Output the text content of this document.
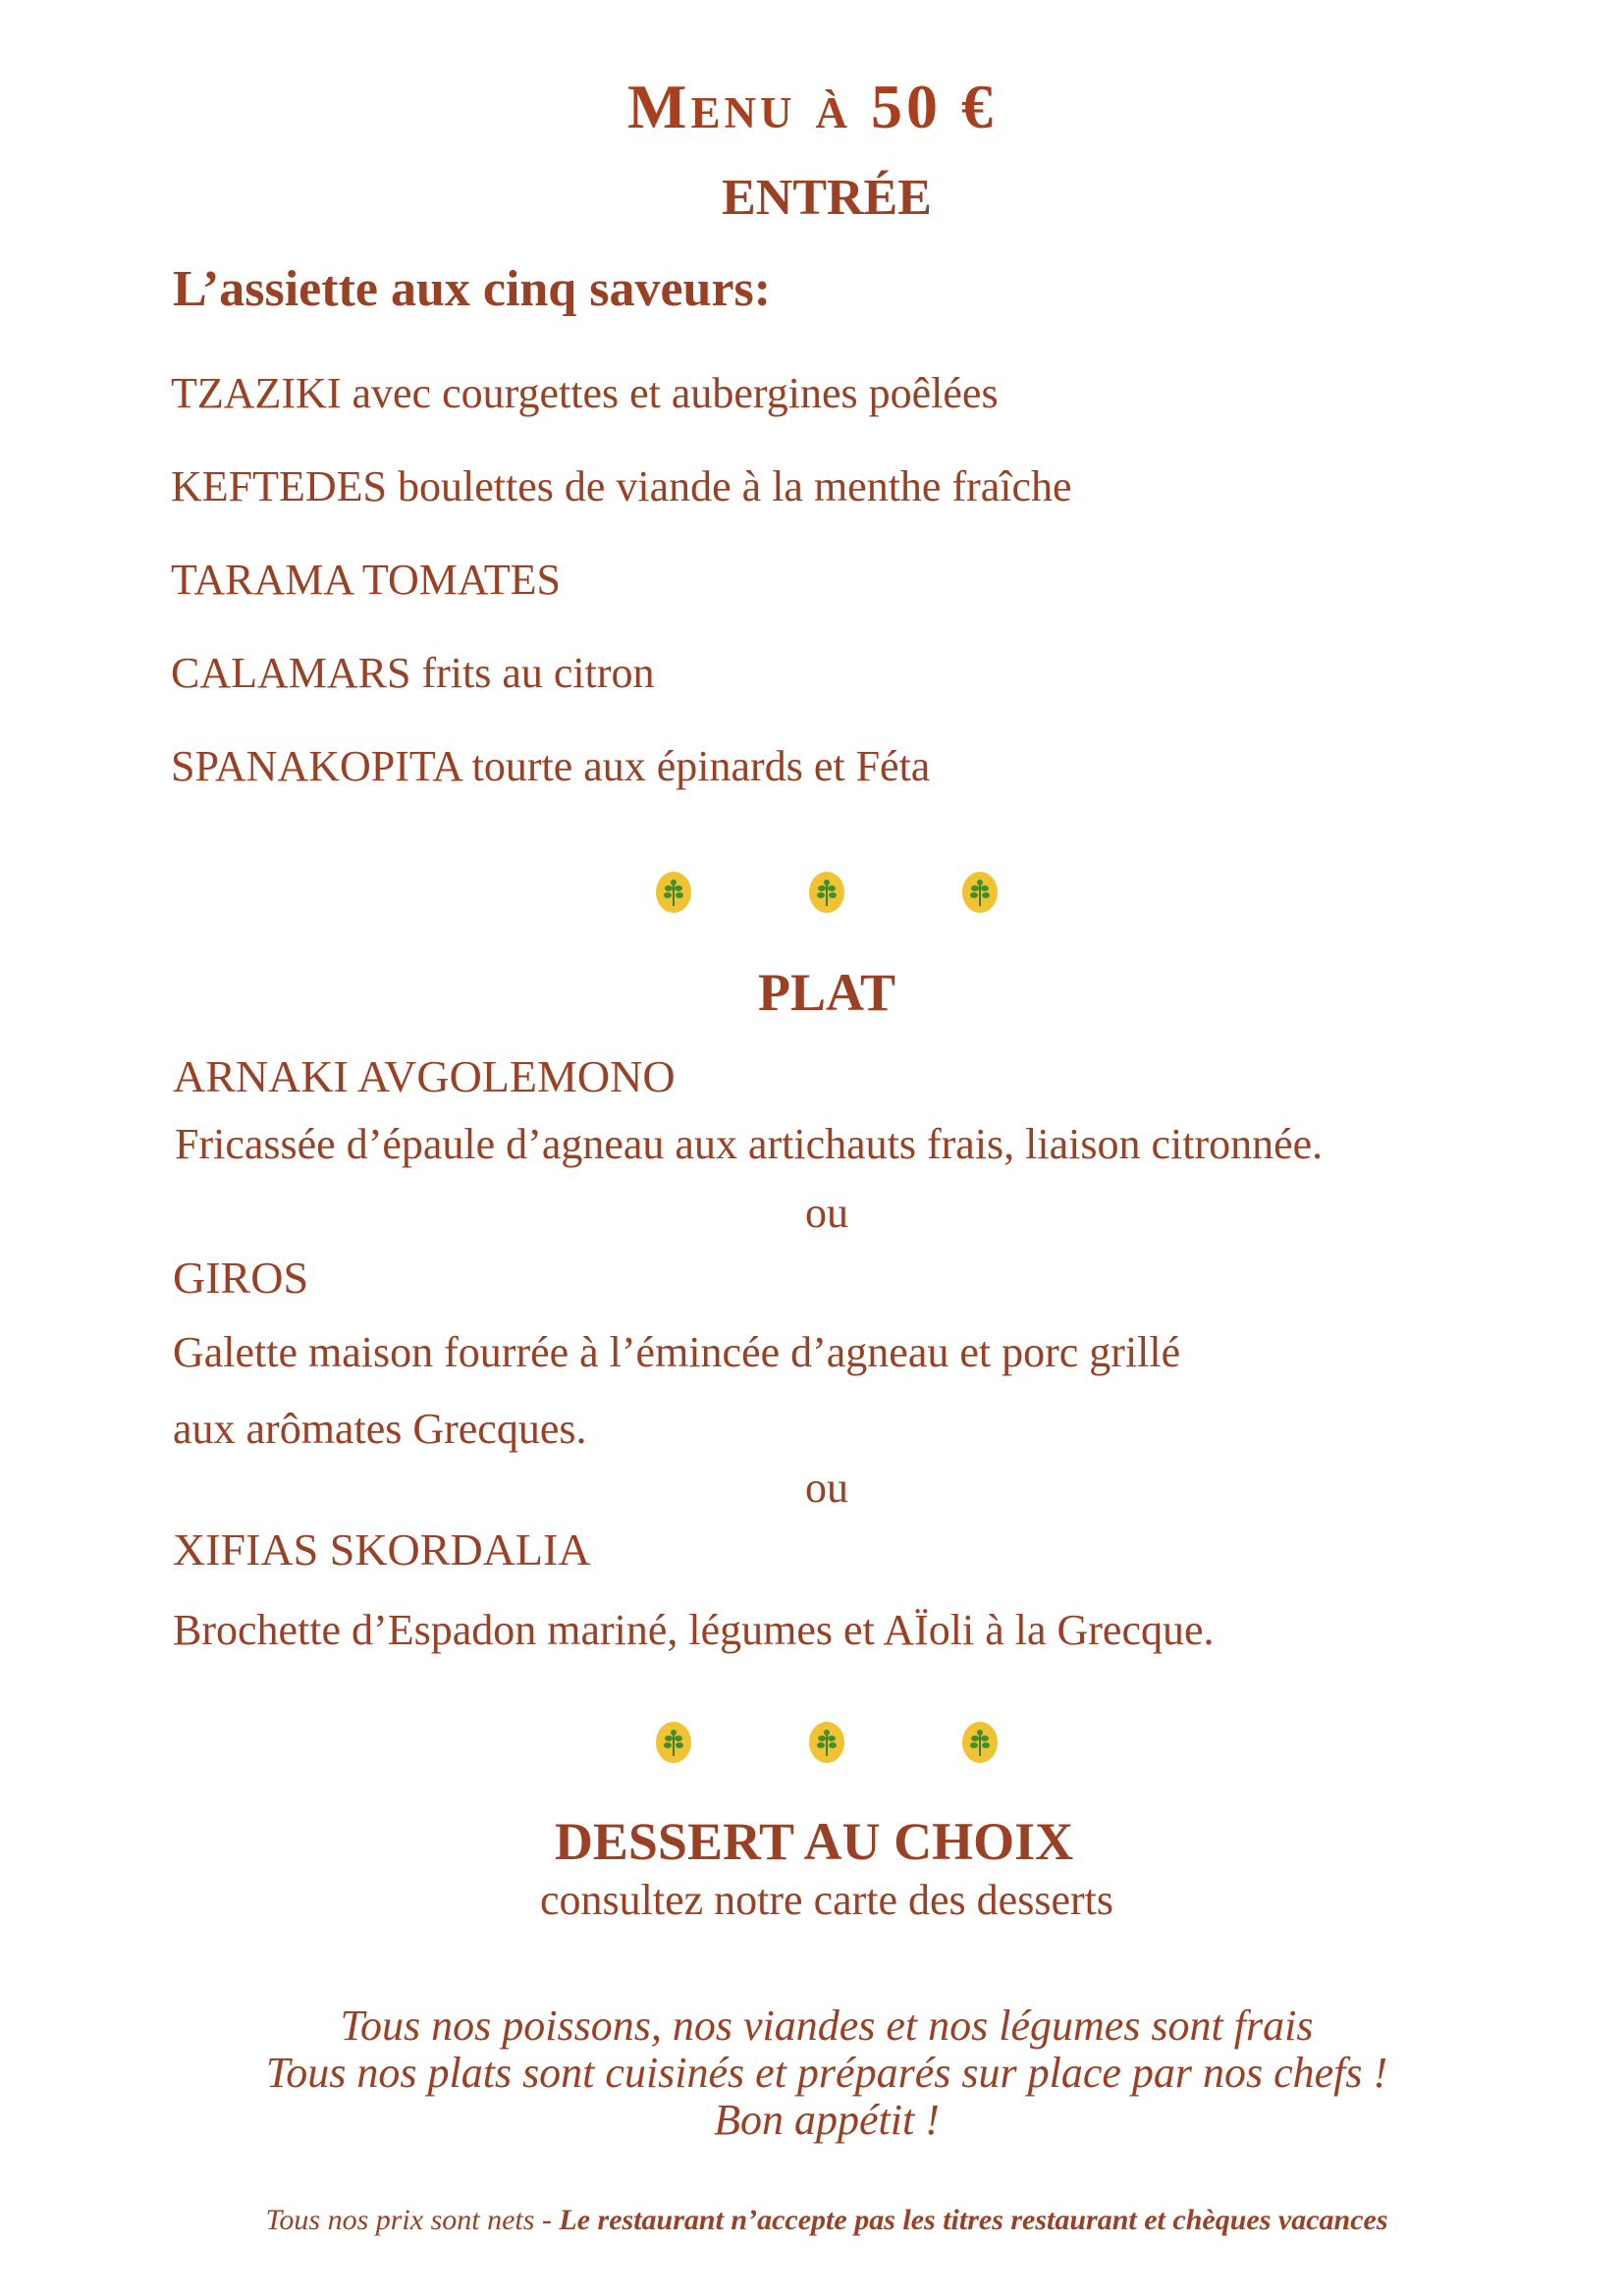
Menu à 50 €
ENTRÉE
L’assiette aux cinq saveurs:
TZAZIKI avec courgettes et aubergines poêlées
KEFTEDES boulettes de viande à la menthe fraîche
TARAMA TOMATES
CALAMARS frits au citron
SPANAKOPITA tourte aux épinards et Féta
PLAT
ARNAKI AVGOLEMONO
Fricassée d’épaule d’agneau aux artichauts frais, liaison citronnée.
ou
GIROS
Galette maison fourrée à l’émincée d’agneau et porc grillé
aux arômates Grecques.
ou
XIFIAS SKORDALIA
Brochette d’Espadon mariné, légumes et AÏoli à la Grecque.
DESSERT AU CHOIX
consultez notre carte des desserts
Tous nos poissons, nos viandes et nos légumes sont frais
Tous nos plats sont cuisinés et préparés sur place par nos chefs !
Bon appétit !
Tous nos prix sont nets - Le restaurant n’accepte pas les titres restaurant et chèques vacances
